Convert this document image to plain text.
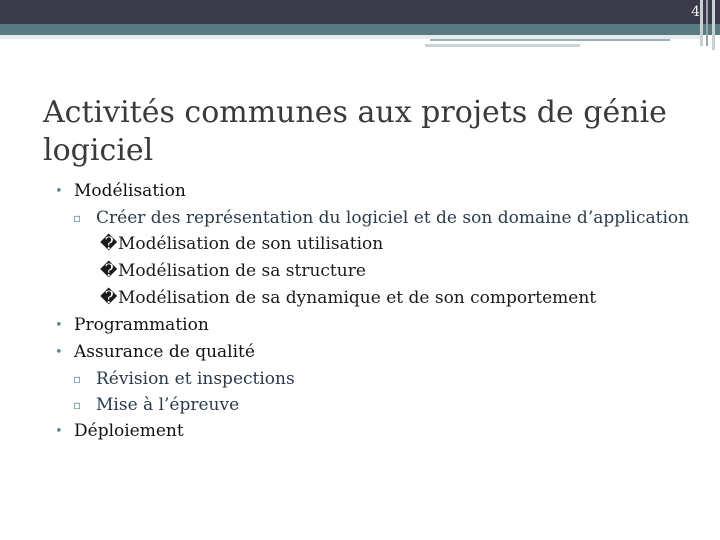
4
Activités communes aux projets de génie logiciel
• Modélisation
▫ Créer des représentation du logiciel et de son domaine d’application
� Modélisation de son utilisation
� Modélisation de sa structure
� Modélisation de sa dynamique et de son comportement
• Programmation
• Assurance de qualité
▫ Révision et inspections
▫ Mise à l’épreuve
• Déploiement
